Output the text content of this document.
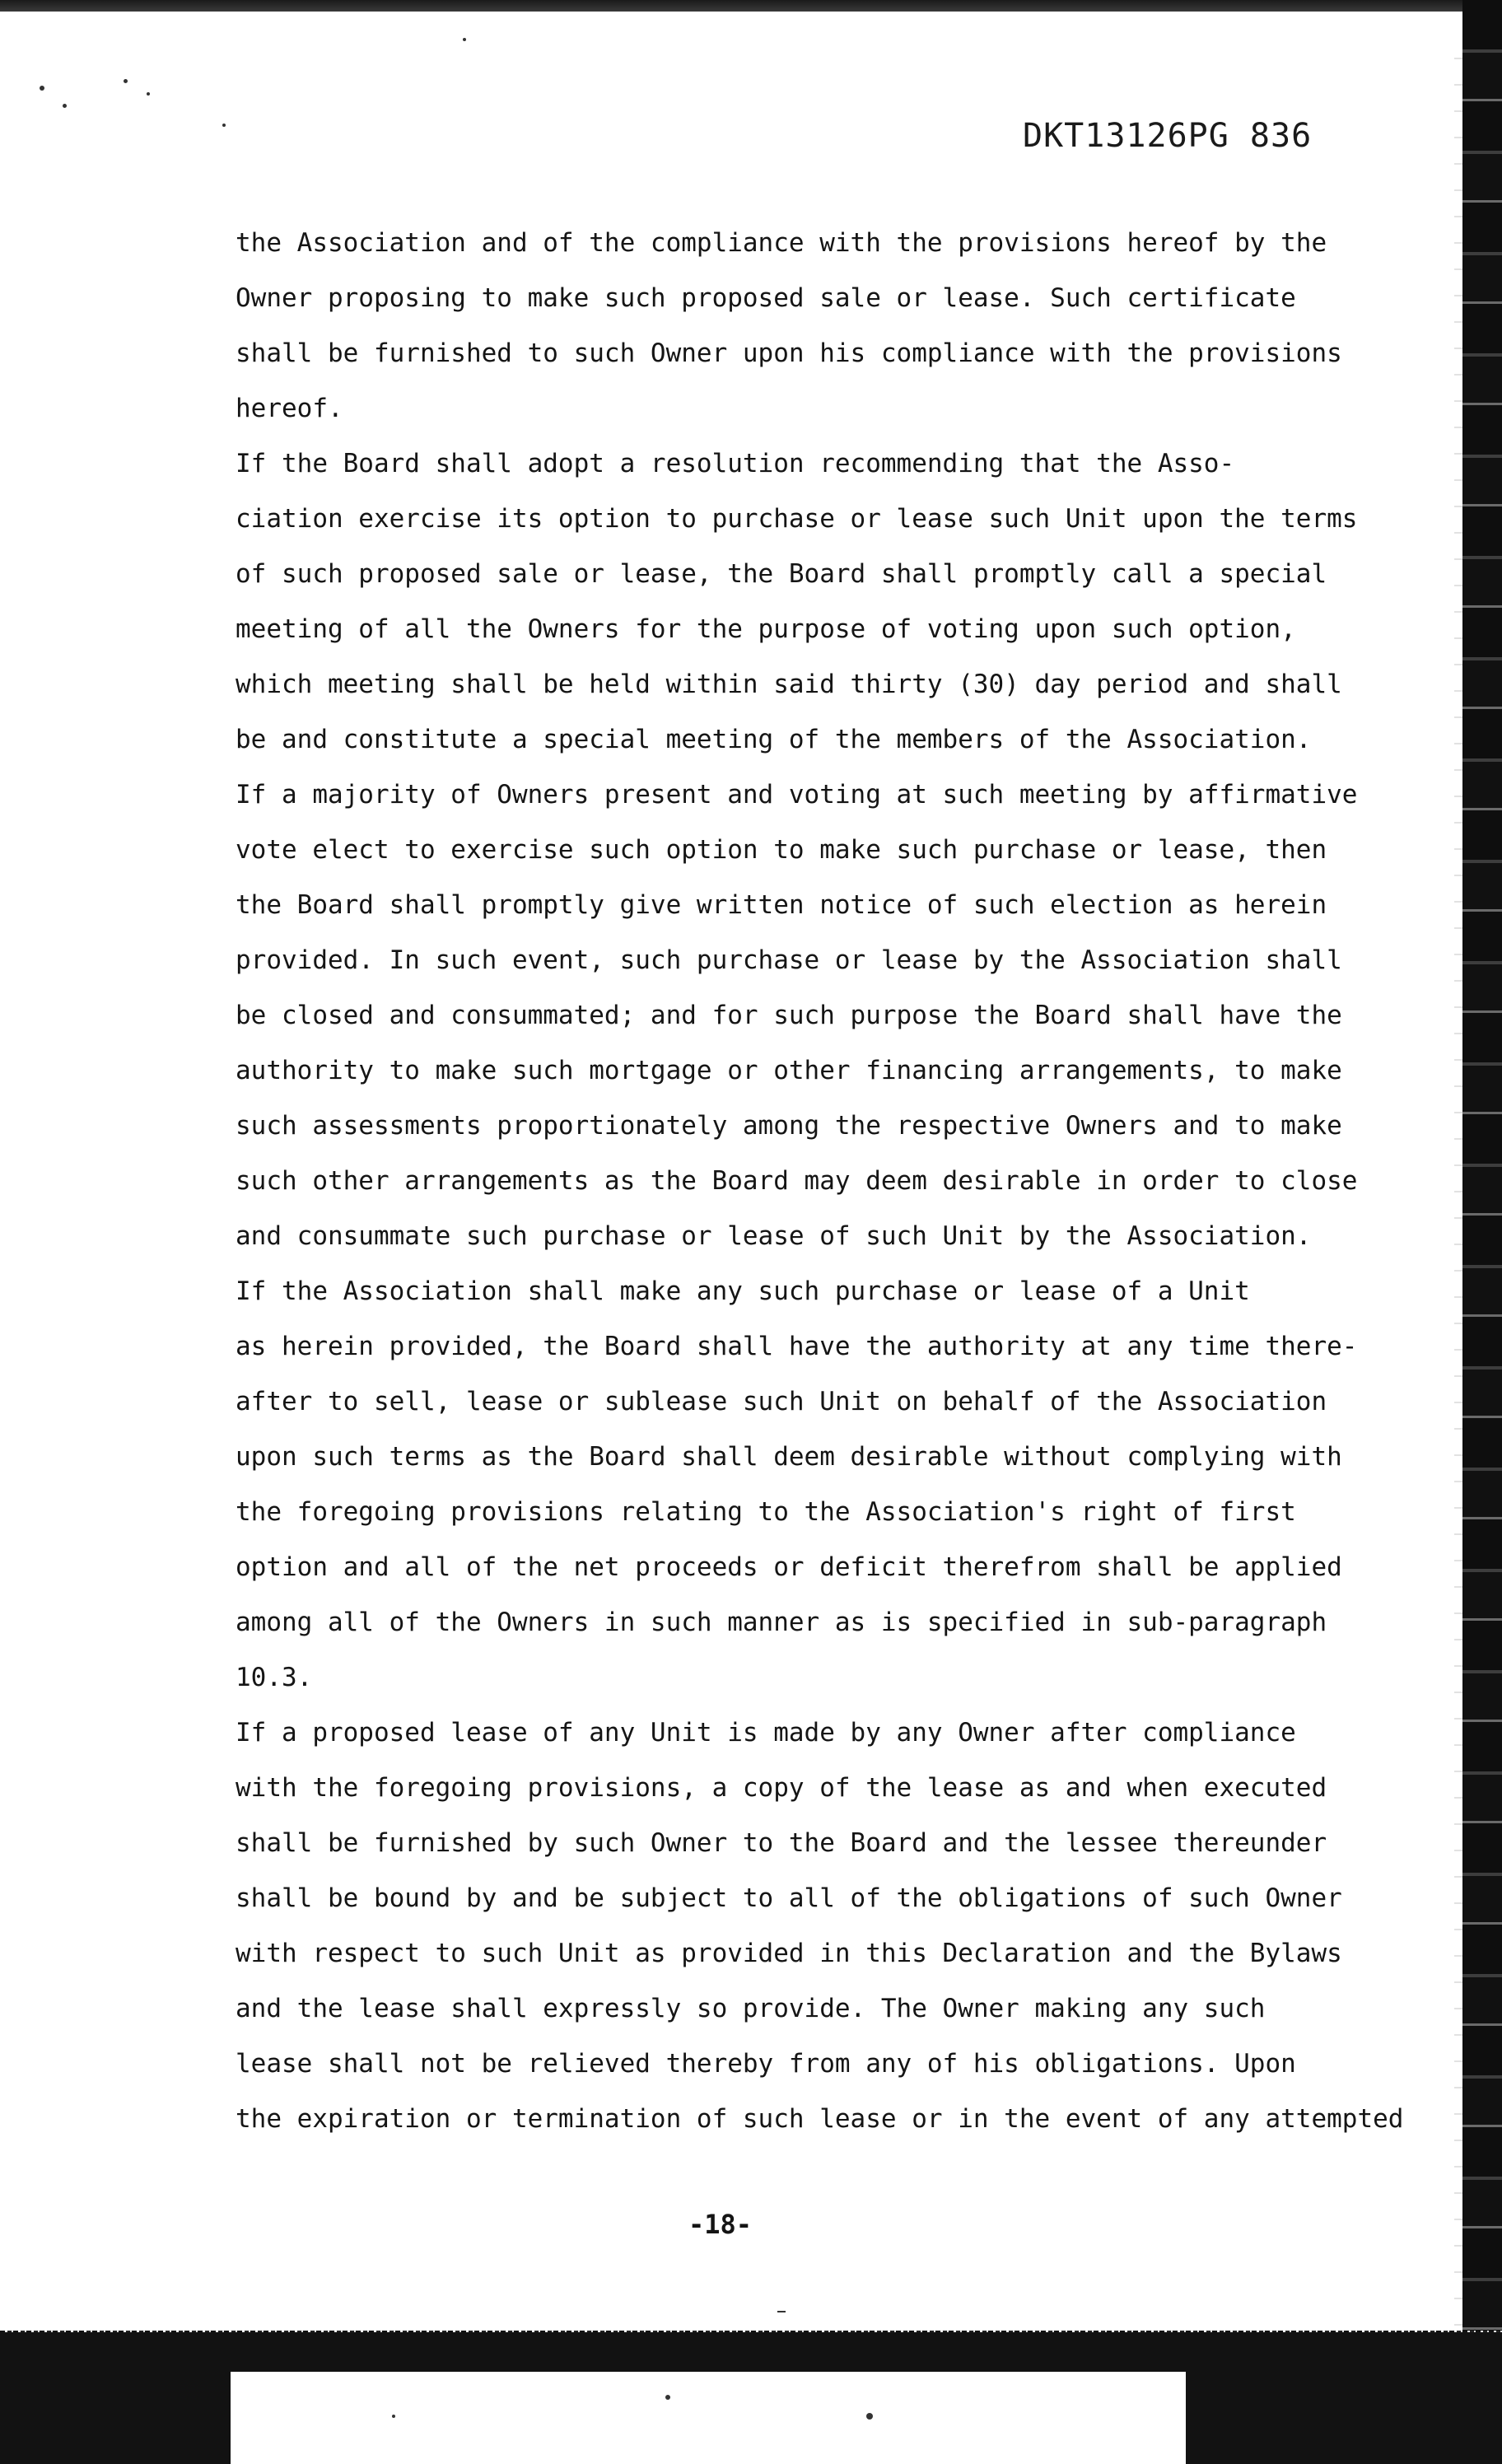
DKT13126PG 836
the Association and of the compliance with the provisions hereof by the
Owner proposing to make such proposed sale or lease. Such certificate
shall be furnished to such Owner upon his compliance with the provisions
hereof.
If the Board shall adopt a resolution recommending that the Asso-
ciation exercise its option to purchase or lease such Unit upon the terms
of such proposed sale or lease, the Board shall promptly call a special
meeting of all the Owners for the purpose of voting upon such option,
which meeting shall be held within said thirty (30) day period and shall
be and constitute a special meeting of the members of the Association.
If a majority of Owners present and voting at such meeting by affirmative
vote elect to exercise such option to make such purchase or lease, then
the Board shall promptly give written notice of such election as herein
provided. In such event, such purchase or lease by the Association shall
be closed and consummated; and for such purpose the Board shall have the
authority to make such mortgage or other financing arrangements, to make
such assessments proportionately among the respective Owners and to make
such other arrangements as the Board may deem desirable in order to close
and consummate such purchase or lease of such Unit by the Association.
If the Association shall make any such purchase or lease of a Unit
as herein provided, the Board shall have the authority at any time there-
after to sell, lease or sublease such Unit on behalf of the Association
upon such terms as the Board shall deem desirable without complying with
the foregoing provisions relating to the Association's right of first
option and all of the net proceeds or deficit therefrom shall be applied
among all of the Owners in such manner as is specified in sub-paragraph
10.3.
If a proposed lease of any Unit is made by any Owner after compliance
with the foregoing provisions, a copy of the lease as and when executed
shall be furnished by such Owner to the Board and the lessee thereunder
shall be bound by and be subject to all of the obligations of such Owner
with respect to such Unit as provided in this Declaration and the Bylaws
and the lease shall expressly so provide. The Owner making any such
lease shall not be relieved thereby from any of his obligations. Upon
the expiration or termination of such lease or in the event of any attempted
-18-
